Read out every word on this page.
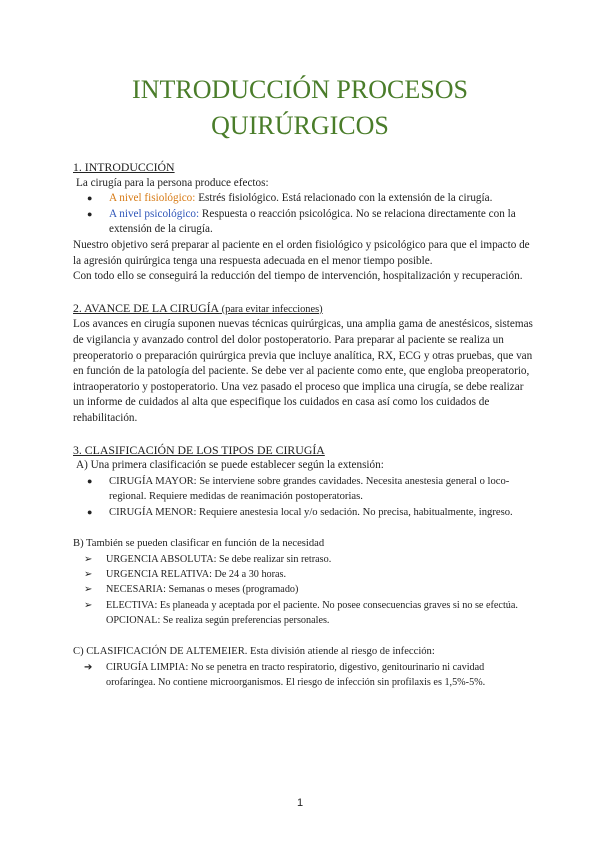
INTRODUCCIÓN PROCESOS
QUIRÚRGICOS

1. INTRODUCCIÓN

La cirugía para la persona produce efectos:

● A nivel fisiológico: Estrés fisiológico. Está relacionado con la extensión de la cirugía.
● A nivel psicológico: Respuesta o reacción psicológica. No se relaciona directamente con la extensión de la cirugía.

Nuestro objetivo será preparar al paciente en el orden fisiológico y psicológico para que el impacto de la agresión quirúrgica tenga una respuesta adecuada en el menor tiempo posible.

Con todo ello se conseguirá la reducción del tiempo de intervención, hospitalización y recuperación.

2. AVANCE DE LA CIRUGÍA (para evitar infecciones)

Los avances en cirugía suponen nuevas técnicas quirúrgicas, una amplia gama de anestésicos, sistemas de vigilancia y avanzado control del dolor postoperatorio. Para preparar al paciente se realiza un preoperatorio o preparación quirúrgica previa que incluye analítica, RX, ECG y otras pruebas, que van en función de la patología del paciente. Se debe ver al paciente como ente, que engloba preoperatorio, intraoperatorio y postoperatorio. Una vez pasado el proceso que implica una cirugía, se debe realizar un informe de cuidados al alta que especifique los cuidados en casa así como los cuidados de rehabilitación.

3. CLASIFICACIÓN DE LOS TIPOS DE CIRUGÍA

A) Una primera clasificación se puede establecer según la extensión:

● CIRUGÍA MAYOR: Se interviene sobre grandes cavidades. Necesita anestesia general o loco-regional. Requiere medidas de reanimación postoperatorias.
● CIRUGÍA MENOR: Requiere anestesia local y/o sedación. No precisa, habitualmente, ingreso.

B) También se pueden clasificar en función de la necesidad

➢ URGENCIA ABSOLUTA: Se debe realizar sin retraso.
➢ URGENCIA RELATIVA: De 24 a 30 horas.
➢ NECESARIA: Semanas o meses (programado)
➢ ELECTIVA: Es planeada y aceptada por el paciente. No posee consecuencias graves si no se efectúa. OPCIONAL: Se realiza según preferencias personales.

C) CLASIFICACIÓN DE ALTEMEIER. Esta división atiende al riesgo de infección:

➔ CIRUGÍA LIMPIA: No se penetra en tracto respiratorio, digestivo, genitourinario ni cavidad orofaríngea. No contiene microorganismos. El riesgo de infección sin profilaxis es 1,5%-5%.
1
